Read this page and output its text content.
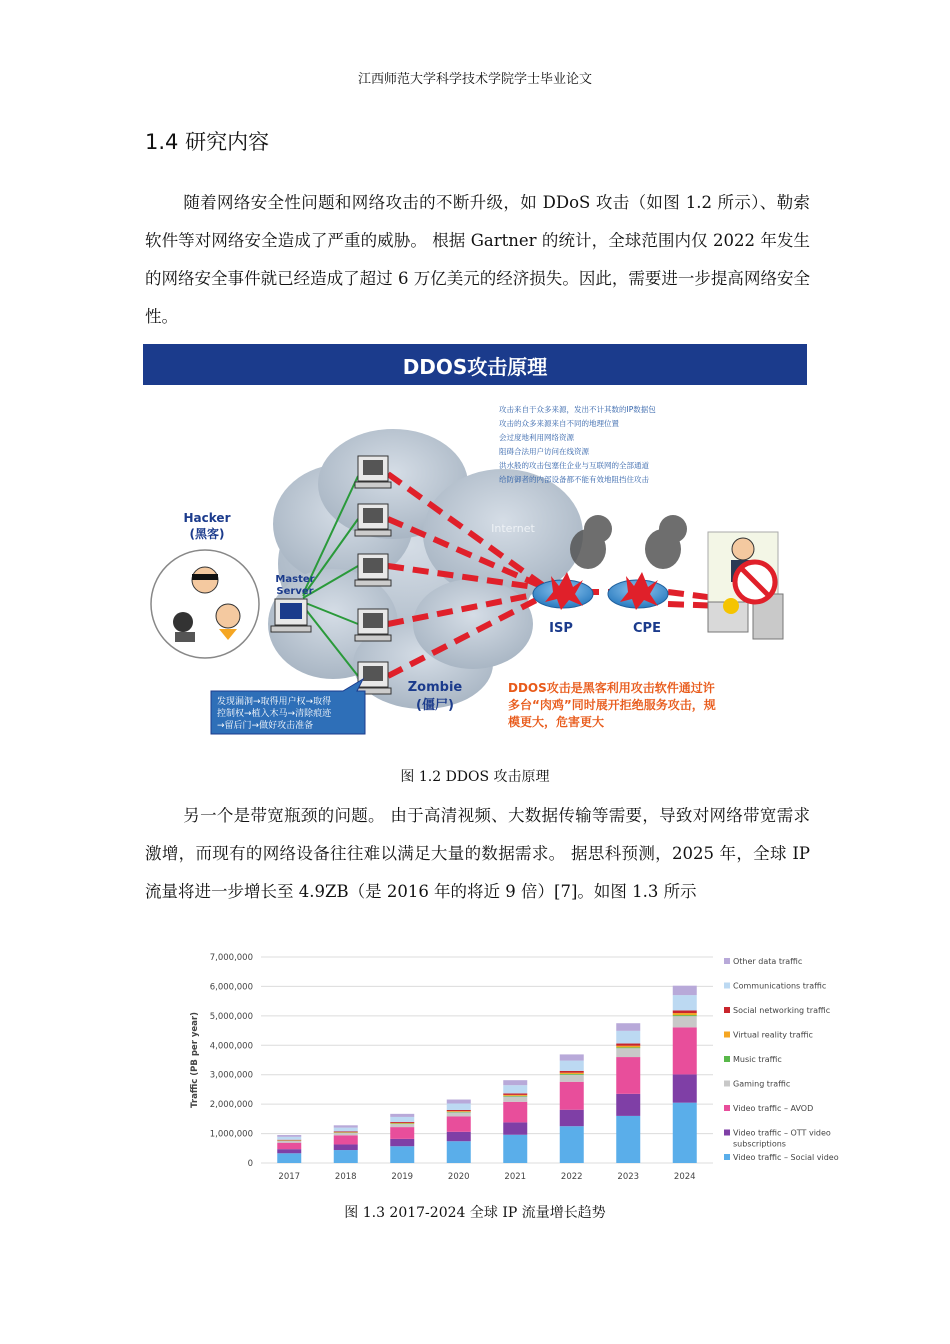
江西师范大学科学技术学院学士毕业论文
1.4 研究内容
随着网络安全性问题和网络攻击的不断升级，如 DDoS 攻击（如图 1.2 所示）、勒索软件等对网络安全造成了严重的威胁。 根据 Gartner 的统计，全球范围内仅 2022 年发生的网络安全事件就已经造成了超过 6 万亿美元的经济损失。因此，需要进一步提高网络安全性。
DDOS攻击原理
Internet
攻击来自于众多来源，发出不计其数的IP数据包
攻击的众多来源来自不同的地理位置
会过度地利用网络资源
阻碍合法用户访问在线资源
洪水般的攻击包塞住企业与互联网的全部通道
给防御者的内部设备都不能有效地阻挡住攻击
Hacker
(黑客)
Master
Server
ISP	CPE
Zombie
(僵尸)
发现漏洞→取得用户权→取得
控制权→植入木马→清除痕迹
→留后门→做好攻击准备
DDOS攻击是黑客利用攻击软件通过许
多台“肉鸡”同时展开拒绝服务攻击，规
模更大，危害更大
图 1.2 DDOS 攻击原理
另一个是带宽瓶颈的问题。 由于高清视频、大数据传输等需要，导致对网络带宽需求激增，而现有的网络设备往往难以满足大量的数据需求。 据思科预测，2025 年，全球 IP 流量将进一步增长至 4.9ZB（是 2016 年的将近 9 倍）[7]。如图 1.3 所示
0
1,000,000
2,000,000
3,000,000
4,000,000
5,000,000
6,000,000
7,000,000
Traffic (PB per year)
2017	2018	2019	2020	2021	2022	2023	2024
Other data traffic
Communications traffic
Social networking traffic
Virtual reality traffic
Music traffic
Gaming traffic
Video traffic – AVOD
Video traffic – OTT video
subscriptions
Video traffic – Social video
图 1.3 2017-2024 全球 IP 流量增长趋势
